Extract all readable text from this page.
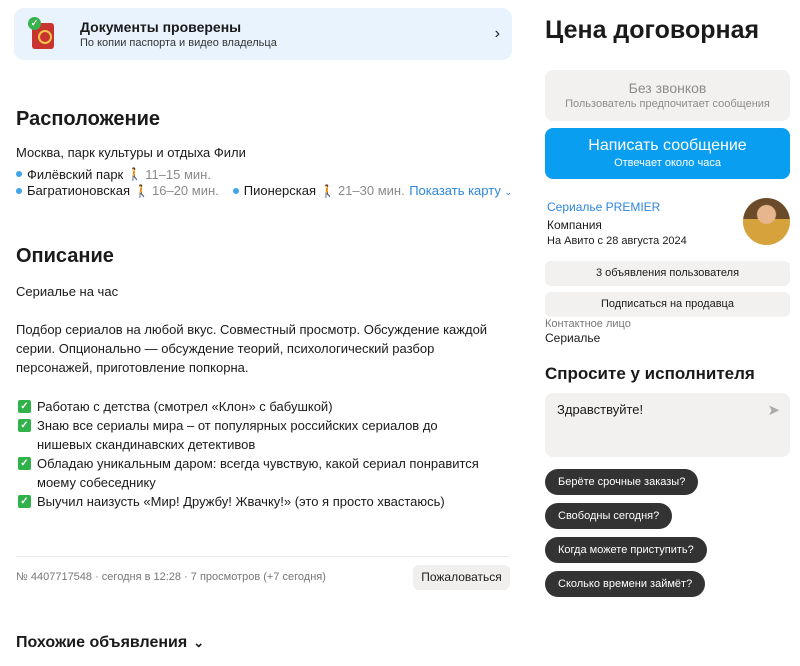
✓	Документы проверены
По копии паспорта и видео владельца
›
Расположение
Москва, парк культуры и отдыха Фили
Филёвский парк 🚶 11–15 мин.
Багратионовская 🚶 16–20 мин. Пионерская 🚶 21–30 мин. Показать карту ⌄
Описание
Сериалье на час
Подбор сериалов на любой вкус. Совместный просмотр. Обсуждение каждой серии. Опционально — обсуждение теорий, психологический разбор персонажей, приготовление попкорна.
✓ Работаю с детства (смотрел «Клон» с бабушкой)
✓ Знаю все сериалы мира – от популярных российских сериалов до нишевых скандинавских детективов
✓ Обладаю уникальным даром: всегда чувствую, какой сериал понравится моему собеседнику
✓ Выучил наизусть «Мир! Дружбу! Жвачку!» (это я просто хвастаюсь)
№ 4407717548 · сегодня в 12:28 · 7 просмотров (+7 сегодня)	Пожаловаться
Похожие объявления ⌄
Цена договорная
Без звонков
Пользователь предпочитает сообщения
Написать сообщение
Отвечает около часа
Сериалье PREMIER
Компания
На Авито с 28 августа 2024
3 объявления пользователя
Подписаться на продавца
Контактное лицо
Сериалье
Спросите у исполнителя
Здравствуйте!	➤
Берёте срочные заказы?
Свободны сегодня?
Когда можете приступить?
Сколько времени займёт?
